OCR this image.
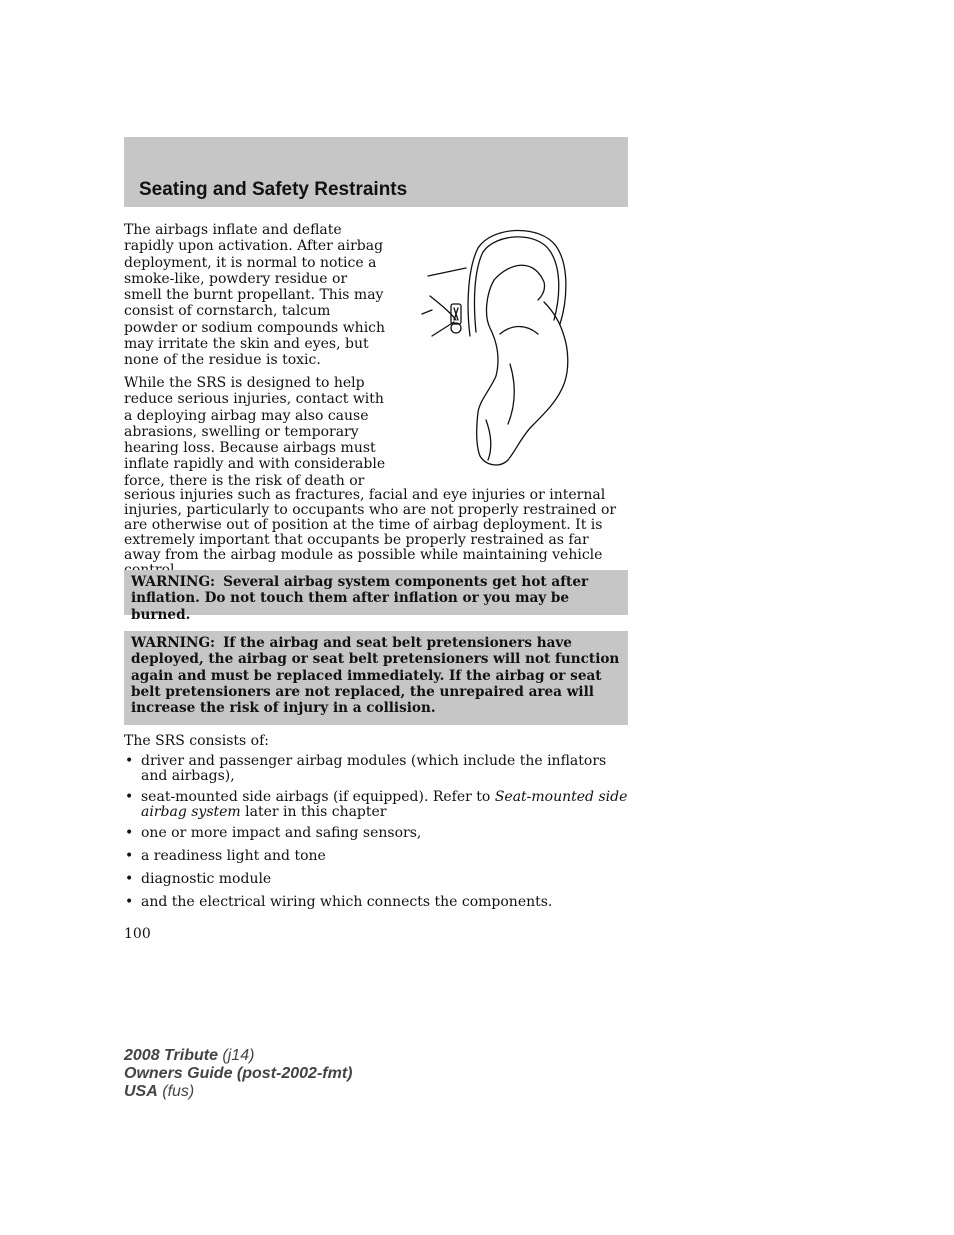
Seating and Safety Restraints

The airbags inflate and deflate rapidly upon activation. After airbag deployment, it is normal to notice a smoke-like, powdery residue or smell the burnt propellant. This may consist of cornstarch, talcum powder or sodium compounds which may irritate the skin and eyes, but none of the residue is toxic.

While the SRS is designed to help reduce serious injuries, contact with a deploying airbag may also cause abrasions, swelling or temporary hearing loss. Because airbags must inflate rapidly and with considerable force, there is the risk of death or

serious injuries such as fractures, facial and eye injuries or internal injuries, particularly to occupants who are not properly restrained or are otherwise out of position at the time of airbag deployment. It is extremely important that occupants be properly restrained as far away from the airbag module as possible while maintaining vehicle

WARNING: Several airbag system components get hot after inflation. Do not touch them after inflation or you may be burned.
WARNING: If the airbag and seat belt pretensioners have deployed, the airbag or seat belt pretensioners will not function again and must be replaced immediately. If the airbag or seat belt pretensioners are not replaced, the unrepaired area will increase the risk of injury in a collision.

The SRS consists of:

• driver and passenger airbag modules (which include the inflators and airbags),
• seat-mounted side airbags (if equipped). Refer to Seat-mounted side airbag system later in this chapter
• one or more impact and safing sensors,
• a readiness light and tone
• diagnostic module
• and the electrical wiring which connects the components.

100

2008 Tribute (j14)
Owners Guide (post-2002-fmt)
USA (fus)
